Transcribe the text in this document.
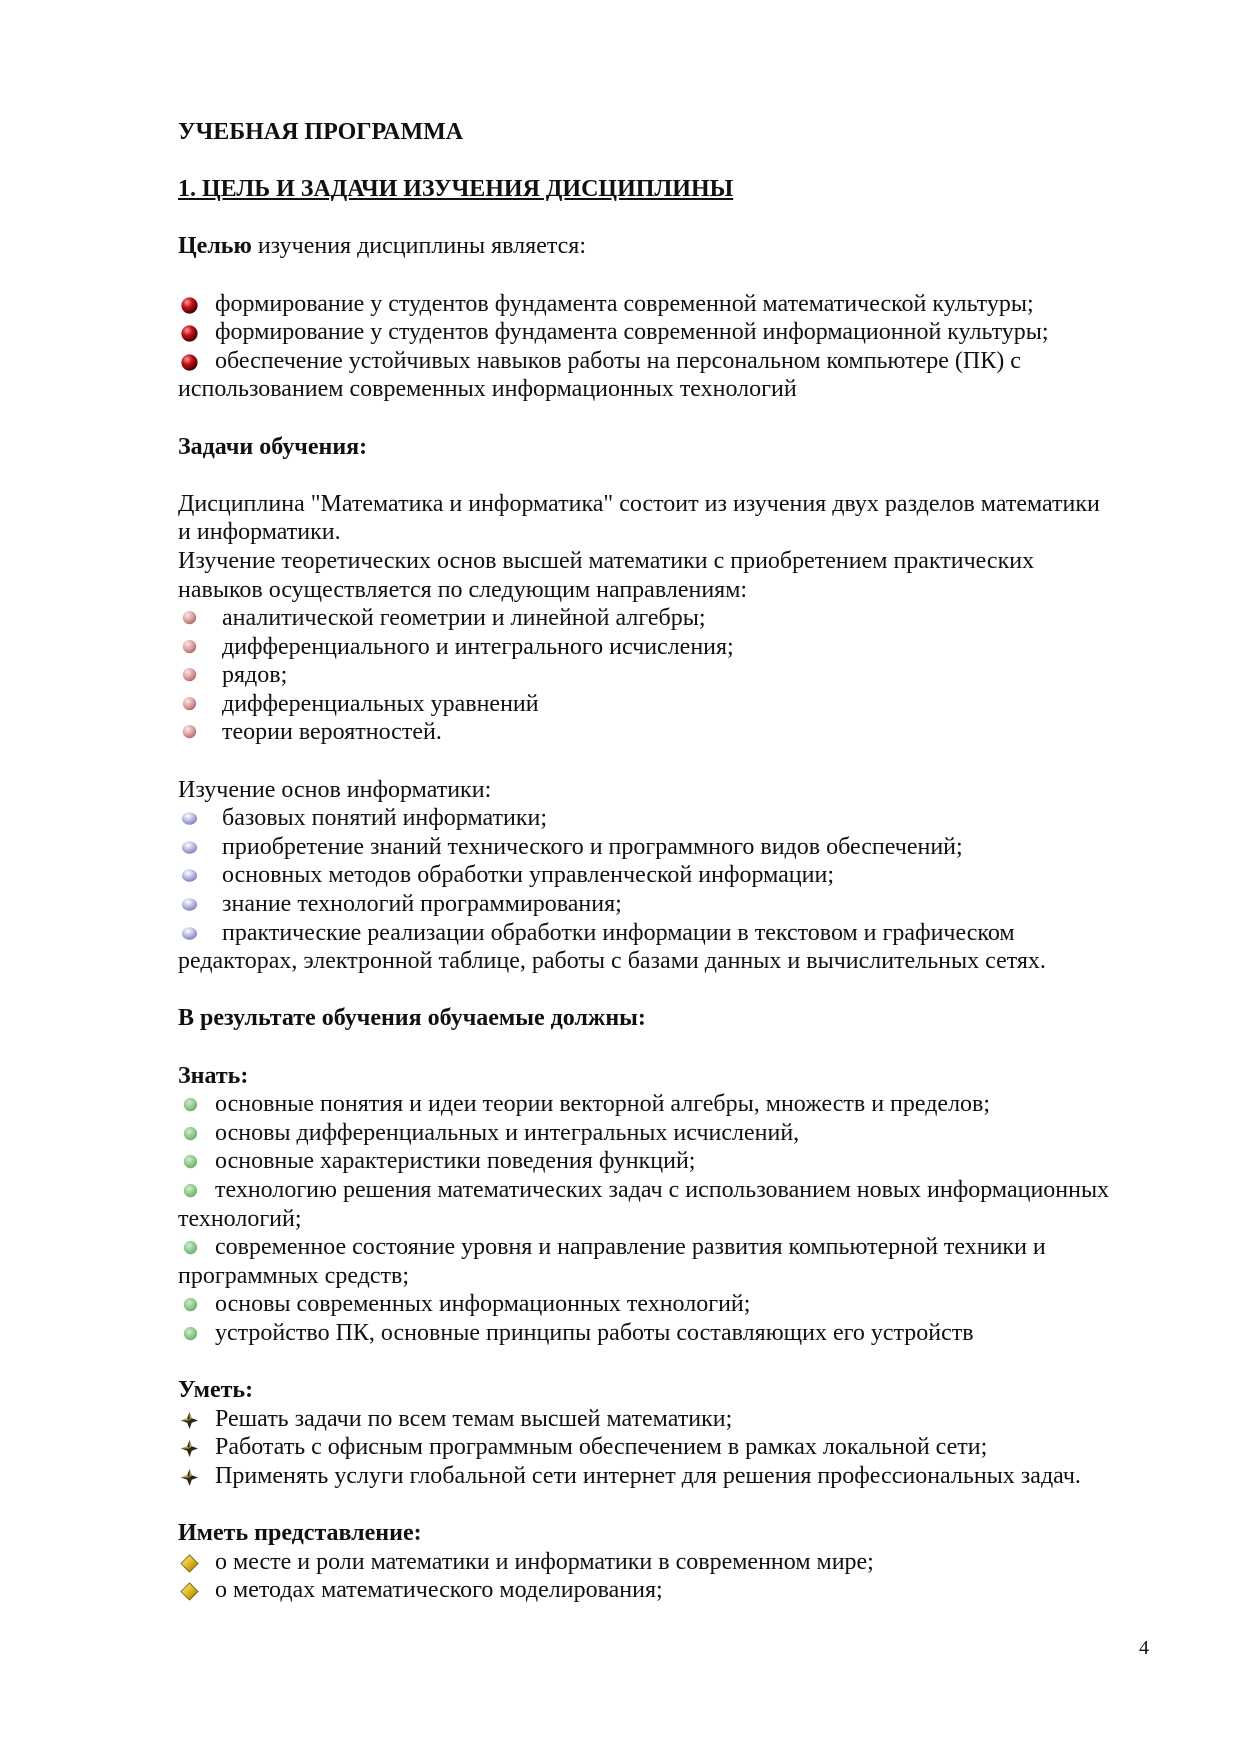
УЧЕБНАЯ ПРОГРАММА
1. ЦЕЛЬ И ЗАДАЧИ ИЗУЧЕНИЯ ДИСЦИПЛИНЫ
Целью изучения дисциплины является:
формирование у студентов фундамента современной математической культуры;
формирование у студентов фундамента современной информационной культуры;
обеспечение устойчивых навыков работы на персональном компьютере (ПК) с
использованием современных информационных технологий
Задачи обучения:
Дисциплина "Математика и информатика" состоит из изучения двух разделов математики
и информатики.
Изучение теоретических основ высшей математики с приобретением практических
навыков осуществляется по следующим направлениям:
аналитической геометрии и линейной алгебры;
дифференциального и интегрального исчисления;
рядов;
дифференциальных уравнений
теории вероятностей.
Изучение основ информатики:
базовых понятий информатики;
приобретение знаний технического и программного видов обеспечений;
основных методов обработки управленческой информации;
знание технологий программирования;
практические реализации обработки информации в текстовом и графическом
редакторах, электронной таблице, работы с базами данных и вычислительных сетях.
В результате обучения обучаемые должны:
Знать:
основные понятия и идеи теории векторной алгебры, множеств и пределов;
основы дифференциальных и интегральных исчислений,
основные характеристики поведения функций;
технологию решения математических задач с использованием новых информационных
технологий;
современное состояние уровня и направление развития компьютерной техники и
программных средств;
основы современных информационных технологий;
устройство ПК, основные принципы работы составляющих его устройств
Уметь:
Решать задачи по всем темам высшей математики;
Работать с офисным программным обеспечением в рамках локальной сети;
Применять услуги глобальной сети интернет для решения профессиональных задач.
Иметь представление:
о месте и роли математики и информатики в современном мире;
о методах математического моделирования;
4
